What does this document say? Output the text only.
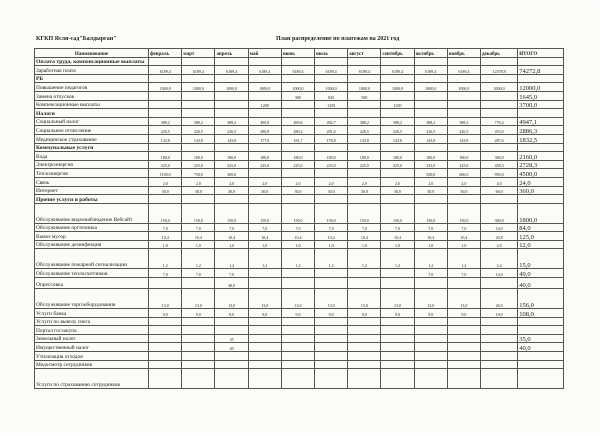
КГКП Ясли-сад"Балдырган"	План распределение по платежам на 2021 год
Наименование	февраль	март	апрель	май	июнь	июль	август	сентябрь	октябрь	ноябрь	декабрь	ИТОГО
Оплата труда, компенсационные выплаты												
Заработная плата	6189,4	6189,4	6189,4	6189,4	6189,4	6189,4	6189,4	6189,4	6189,4	6189,4	12378,8	74272,8
РБ												
Повышение педагогов	1000,0	1000,0	1000,0	1000,0	1000,0	1000,0	1000,0	1000,0	1000,0	1000,0	2000,0	12000,0
Замена отпусков					300	845	500					1645,0
Компенсационные выплаты				1200		1250		1250				3700,0
Налоги												
Социальный налог	388,2	388,2	388,2	490,8	490,6	492,7	388,2	388,2	388,2	388,2	776,4	4947,1
Социальное отчисление	226,5	226,5	226,5	280,8	280,2	281,6	226,5	226,5	226,5	226,5	453,0	2886,3
Медицинское страхование	143,8	143,8	143,8	177,8	181,7	178,8	143,8	143,8	143,8	143,8	287,6	1832,5
Коммунальные услуги												
Вода	180,0	180,0	180,0	180,0	180,0	180,0	180,0	180,0	180,0	180,0	360,0	2160,0
Электроэнергия	225,0	225,0	225,0	225,0	225,0	225,0	225,0	225,0	225,0	225,0	458,3	2728,3
Теплоэнергия	1100,0	750,0	300,0						550,0	600,0	950,0	4500,0
Связь	2,0	2,0	2,0	2,0	2,0	2,0	2,0	2,0	2,0	2,0	4,0	24,0
Интернет	30,0	30,0	30,0	30,0	30,0	30,0	30,0	30,0	30,0	30,0	60,0	360,0
Прочие услуги и работы												
Обслуживание видеонаблюдение Вебсайт	150,0	150,0	150,0	150,0	150,0	150,0	150,0	150,0	150,0	150,0	300,0	1800,0
Обслуживание оргтехника	7,0	7,0	7,0	7,0	7,0	7,0	7,0	7,0	7,0	7,0	14,0	84,0
Вывоз мусор	10,4	10,4	10,4	10,4	10,4	10,4	10,4	10,4	10,4	10,4	20,8	125,0
Обслуживание дезинфекция	1,0	1,0	1,0	1,0	1,0	1,0	1,0	1,0	1,0	1,0	2,0	12,0
Обслуживание пожарной сигнализации	1,2	1,2	1,2	1,2	1,2	1,2	1,2	1,2	1,2	1,2	2,4	15,0
Обслуживание теплосчетчиков	7,0	7,0	7,0						7,0	7,0	14,0	49,0
Опрессовка			40,0									40,0
Обслуживание торгооборудования	13,0	13,0	13,0	13,0	13,0	13,0	13,0	13,0	13,0	13,0	26,0	156,0
Услуги банка	9,0	9,0	9,0	9,0	9,0	9,0	9,0	9,0	9,0	9,0	18,0	108,0
Услуги по вывозу снега												
Портал госзакупа												
Земельный налог			35									35,0
Имущественный налог			40									40,0
Утилизация отходов												
Медосмотр сотрудников												
Услуги по страхованию сотрудников												
